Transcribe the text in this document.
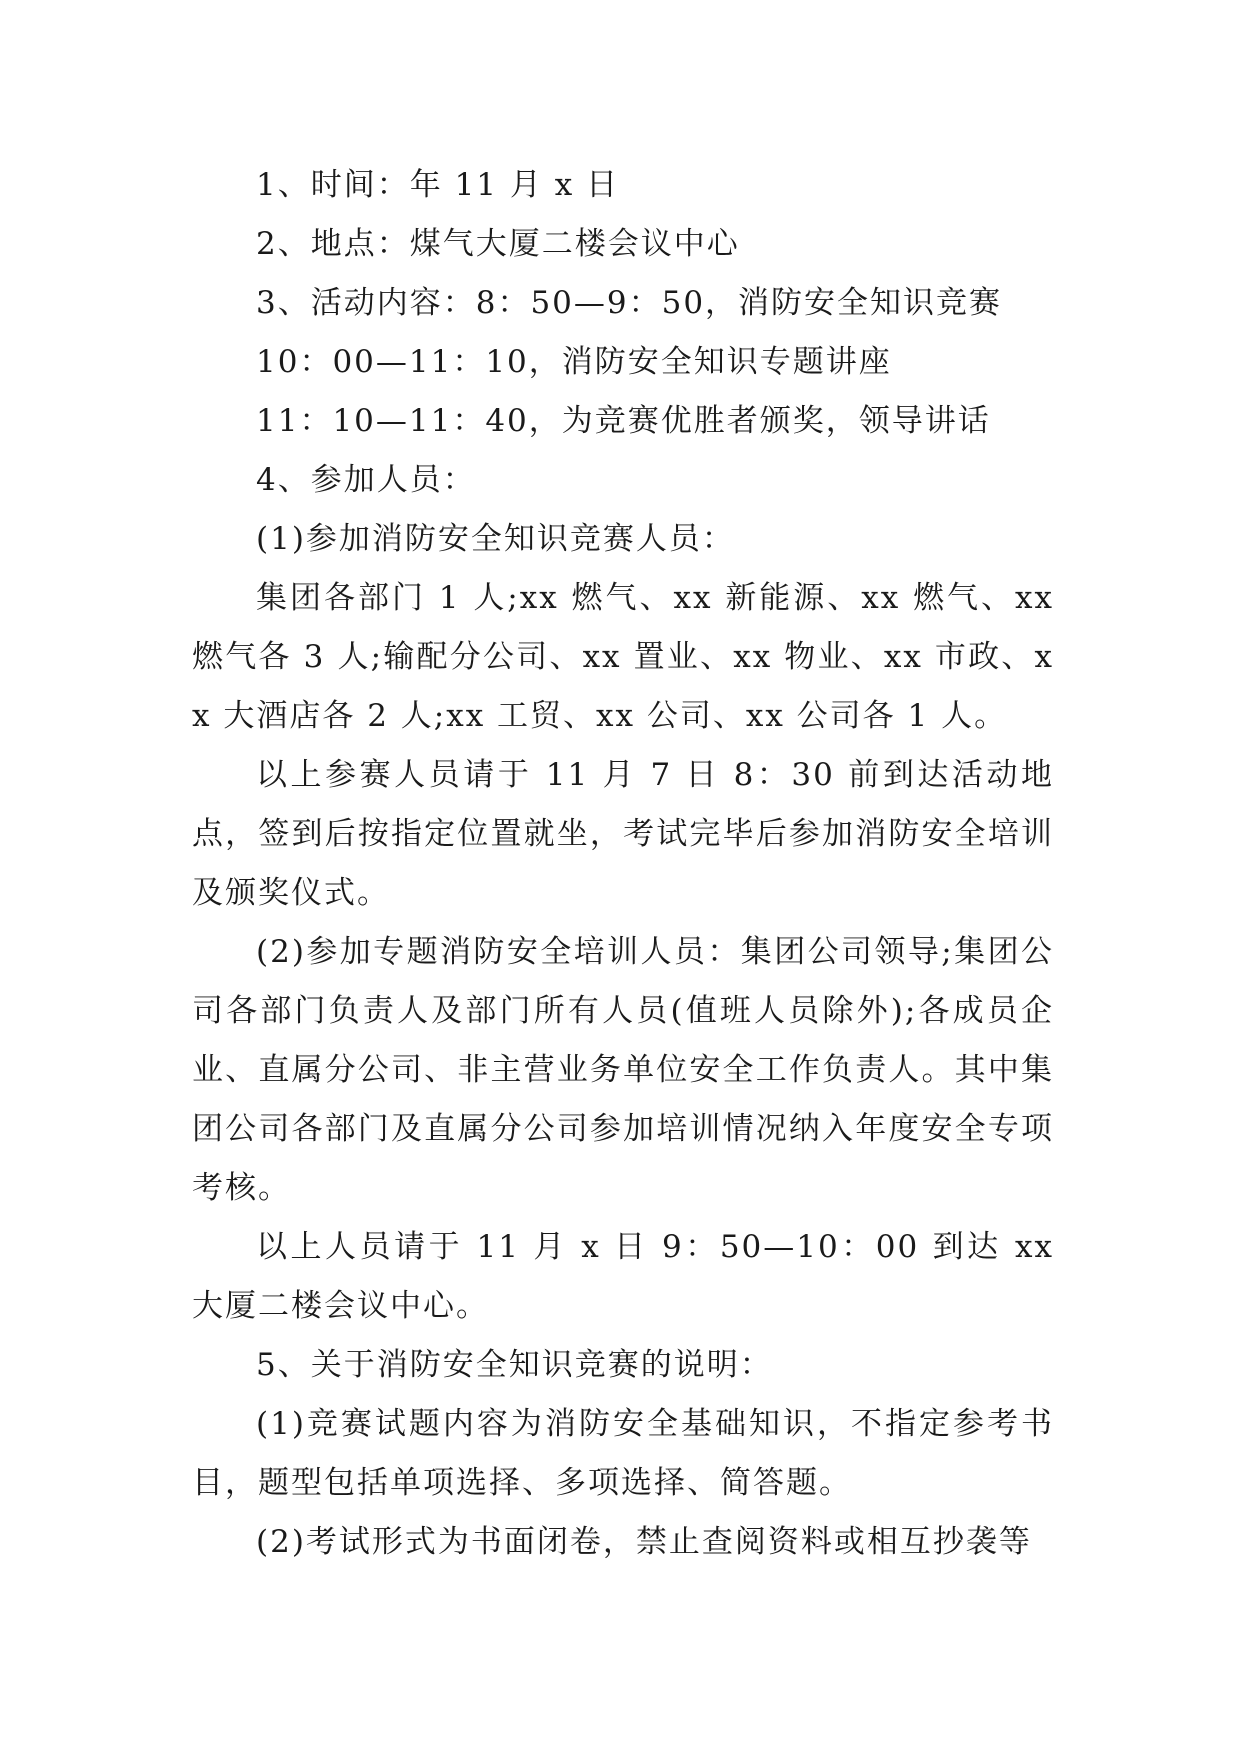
1、时间：年 11 月 x 日

2、地点：煤气大厦二楼会议中心

3、活动内容：8：50—9：50，消防安全知识竞赛

10：00—11：10，消防安全知识专题讲座

11：10—11：40，为竞赛优胜者颁奖，领导讲话

4、参加人员：

(1)参加消防安全知识竞赛人员：

集团各部门 1 人;xx 燃气、xx 新能源、xx 燃气、xx 燃气各 3 人;输配分公司、xx 置业、xx 物业、xx 市政、xx 大酒店各 2 人;xx 工贸、xx 公司、xx 公司各 1 人。

以上参赛人员请于 11 月 7 日 8：30 前到达活动地点，签到后按指定位置就坐，考试完毕后参加消防安全培训及颁奖仪式。

(2)参加专题消防安全培训人员：集团公司领导;集团公司各部门负责人及部门所有人员(值班人员除外);各成员企业、直属分公司、非主营业务单位安全工作负责人。其中集团公司各部门及直属分公司参加培训情况纳入年度安全专项考核。

以上人员请于 11 月 x 日 9：50—10：00 到达 xx 大厦二楼会议中心。

5、关于消防安全知识竞赛的说明：

(1)竞赛试题内容为消防安全基础知识，不指定参考书目，题型包括单项选择、多项选择、简答题。

(2)考试形式为书面闭卷，禁止查阅资料或相互抄袭等
